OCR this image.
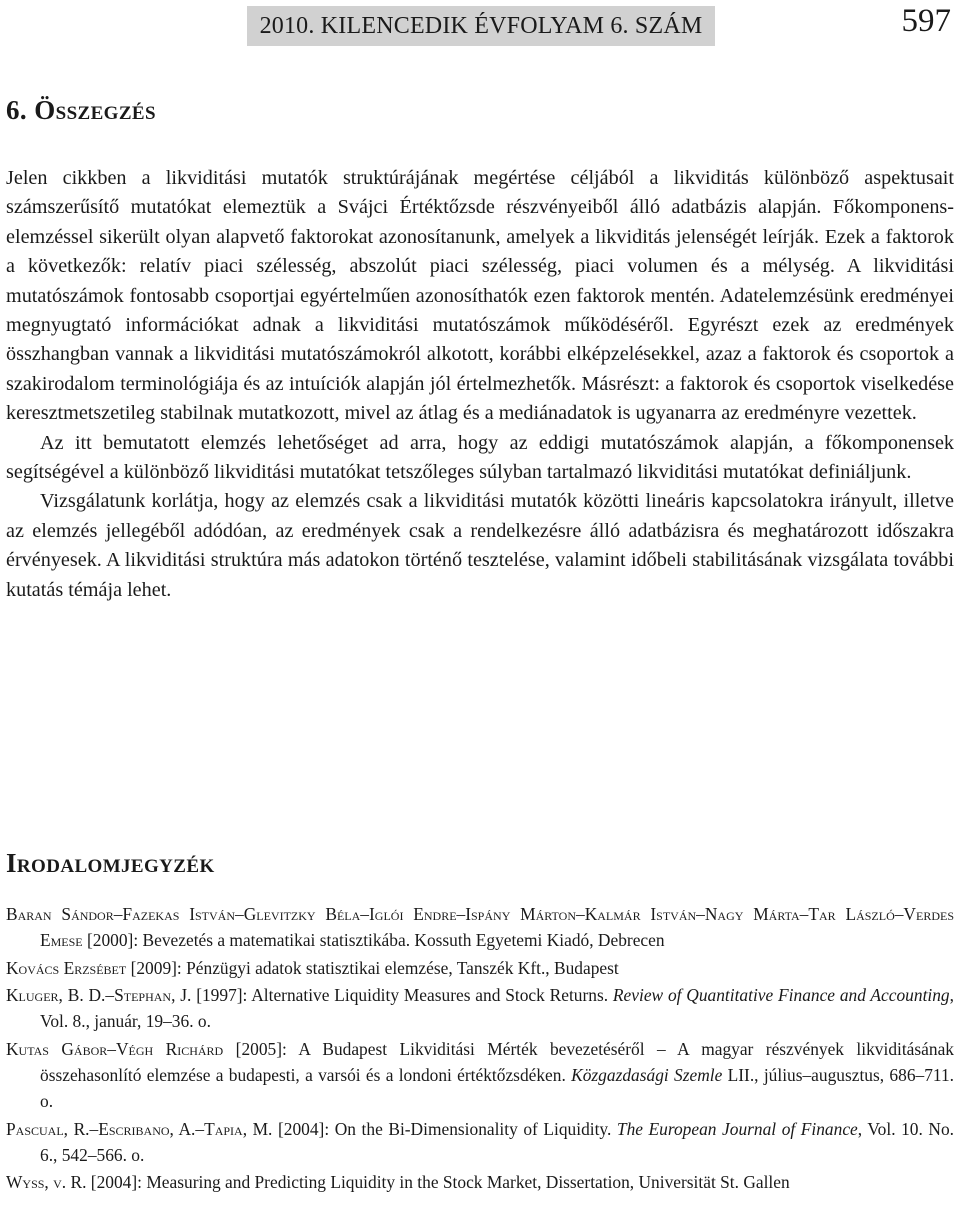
2010. KILENCEDIK ÉVFOLYAM 6. SZÁM	597
6. Összegzés

Jelen cikkben a likviditási mutatók struktúrájának megértése céljából a likviditás különböző aspektusait számszerűsítő mutatókat elemeztük a Svájci Értéktőzsde részvényeiből álló adatbázis alapján. Főkomponens-elemzéssel sikerült olyan alapvető faktorokat azonosítanunk, amelyek a likviditás jelenségét leírják. Ezek a faktorok a következők: relatív piaci szélesség, abszolút piaci szélesség, piaci volumen és a mélység. A likviditási mutatószámok fontosabb csoportjai egyértelműen azonosíthatók ezen faktorok mentén. Adatelemzésünk eredményei megnyugtató információkat adnak a likviditási mutatószámok működéséről. Egyrészt ezek az eredmények összhangban vannak a likviditási mutatószámokról alkotott, korábbi elképzelésekkel, azaz a faktorok és csoportok a szakirodalom terminológiája és az intuíciók alapján jól értelmezhetők. Másrészt: a faktorok és csoportok viselkedése keresztmetszetileg stabilnak mutatkozott, mivel az átlag és a mediánadatok is ugyanarra az eredményre vezettek.

Az itt bemutatott elemzés lehetőséget ad arra, hogy az eddigi mutatószámok alapján, a főkomponensek segítségével a különböző likviditási mutatókat tetszőleges súlyban tartalmazó likviditási mutatókat definiáljunk.

Vizsgálatunk korlátja, hogy az elemzés csak a likviditási mutatók közötti lineáris kapcsolatokra irányult, illetve az elemzés jellegéből adódóan, az eredmények csak a rendelkezésre álló adatbázisra és meghatározott időszakra érvényesek. A likviditási struktúra más adatokon történő tesztelése, valamint időbeli stabilitásának vizsgálata további kutatás témája lehet.

Irodalomjegyzék

Baran Sándor–Fazekas István–Glevitzky Béla–Iglói Endre–Ispány Márton–Kalmár István–Nagy Márta–Tar László–Verdes Emese [2000]: Bevezetés a matematikai statisztikába. Kossuth Egyetemi Kiadó, Debrecen

Kovács Erzsébet [2009]: Pénzügyi adatok statisztikai elemzése, Tanszék Kft., Budapest

Kluger, B. D.–Stephan, J. [1997]: Alternative Liquidity Measures and Stock Returns. Review of Quantitative Finance and Accounting, Vol. 8., január, 19–36. o.

Kutas Gábor–Végh Richárd [2005]: A Budapest Likviditási Mérték bevezetéséről – A magyar részvények likviditásának összehasonlító elemzése a budapesti, a varsói és a londoni értéktőzsdéken. Közgazdasági Szemle LII., július–augusztus, 686–711. o.

Pascual, R.–Escribano, A.–Tapia, M. [2004]: On the Bi-Dimensionality of Liquidity. The European Journal of Finance, Vol. 10. No. 6., 542–566. o.

Wyss, v. R. [2004]: Measuring and Predicting Liquidity in the Stock Market, Dissertation, Universität St. Gallen
